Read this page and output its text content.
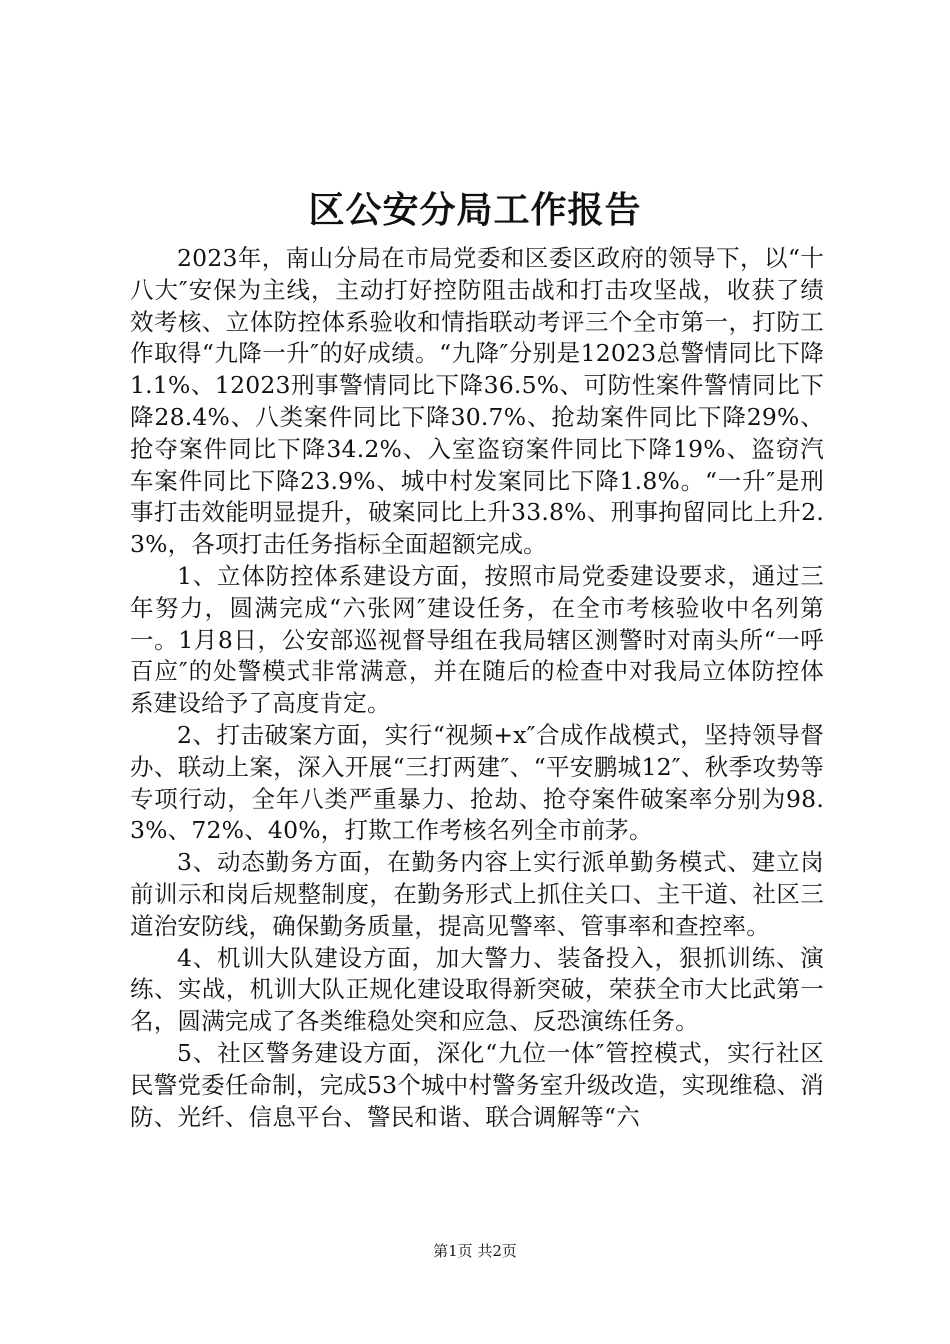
区公安分局工作报告

2023年，南山分局在市局党委和区委区政府的领导下，以“十八大″安保为主线，主动打好控防阻击战和打击攻坚战，收获了绩效考核、立体防控体系验收和情指联动考评三个全市第一，打防工作取得“九降一升″的好成绩。“九降″分别是12023总警情同比下降1.1%、12023刑事警情同比下降36.5%、可防性案件警情同比下降28.4%、八类案件同比下降30.7%、抢劫案件同比下降29%、抢夺案件同比下降34.2%、入室盗窃案件同比下降19%、盗窃汽车案件同比下降23.9%、城中村发案同比下降1.8%。“一升″是刑事打击效能明显提升，破案同比上升33.8%、刑事拘留同比上升2.3%，各项打击任务指标全面超额完成。

1、立体防控体系建设方面，按照市局党委建设要求，通过三年努力，圆满完成“六张网″建设任务，在全市考核验收中名列第一。1月8日，公安部巡视督导组在我局辖区测警时对南头所“一呼百应″的处警模式非常满意，并在随后的检查中对我局立体防控体系建设给予了高度肯定。

2、打击破案方面，实行“视频+x″合成作战模式，坚持领导督办、联动上案，深入开展“三打两建″、“平安鹏城12″、秋季攻势等专项行动，全年八类严重暴力、抢劫、抢夺案件破案率分别为98.3%、72%、40%，打欺工作考核名列全市前茅。

3、动态勤务方面，在勤务内容上实行派单勤务模式、建立岗前训示和岗后规整制度，在勤务形式上抓住关口、主干道、社区三道治安防线，确保勤务质量，提高见警率、管事率和查控率。

4、机训大队建设方面，加大警力、装备投入，狠抓训练、演练、实战，机训大队正规化建设取得新突破，荣获全市大比武第一名，圆满完成了各类维稳处突和应急、反恐演练任务。

5、社区警务建设方面，深化“九位一体″管控模式，实行社区民警党委任命制，完成53个城中村警务室升级改造，实现维稳、消防、光纤、信息平台、警民和谐、联合调解等“六

第1页 共2页
